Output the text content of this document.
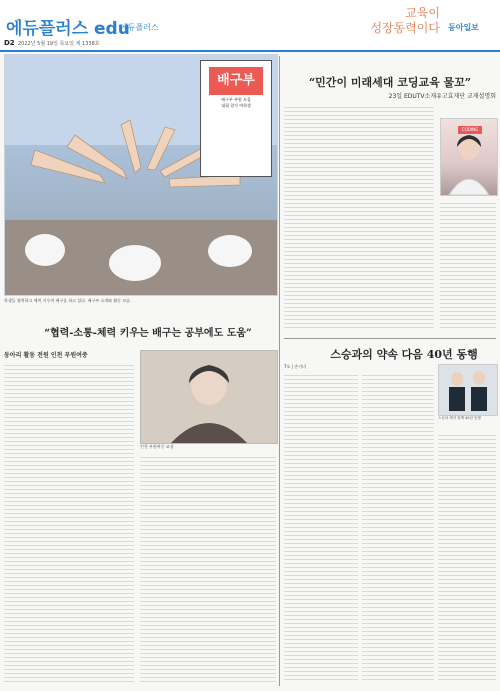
에듀플러스 edu
에듀플러스
교육이
성장동력이다 동아일보
D2 2022년 5월 19일 목요일 제 1338호
배구부
배구부 부원 모집
대회 참가 여학생
학생들 협력하고 체력 키우며 배구를 하고 있다. 배구부 소개와 활동 모습.
“협력-소통-체력 키우는 배구는 공부에도 도움”
동아리 활동 전원 인천 부원여중
인천 부원여중 교장
“민간이 미래세대 코딩교육 물꼬”
23일 EDUTV소재유고효재단 교재설명회
CODING
스승과의 약속 다음 40년 동행
7오 | 손기녀
스승과 제자 함께 40년 동행
